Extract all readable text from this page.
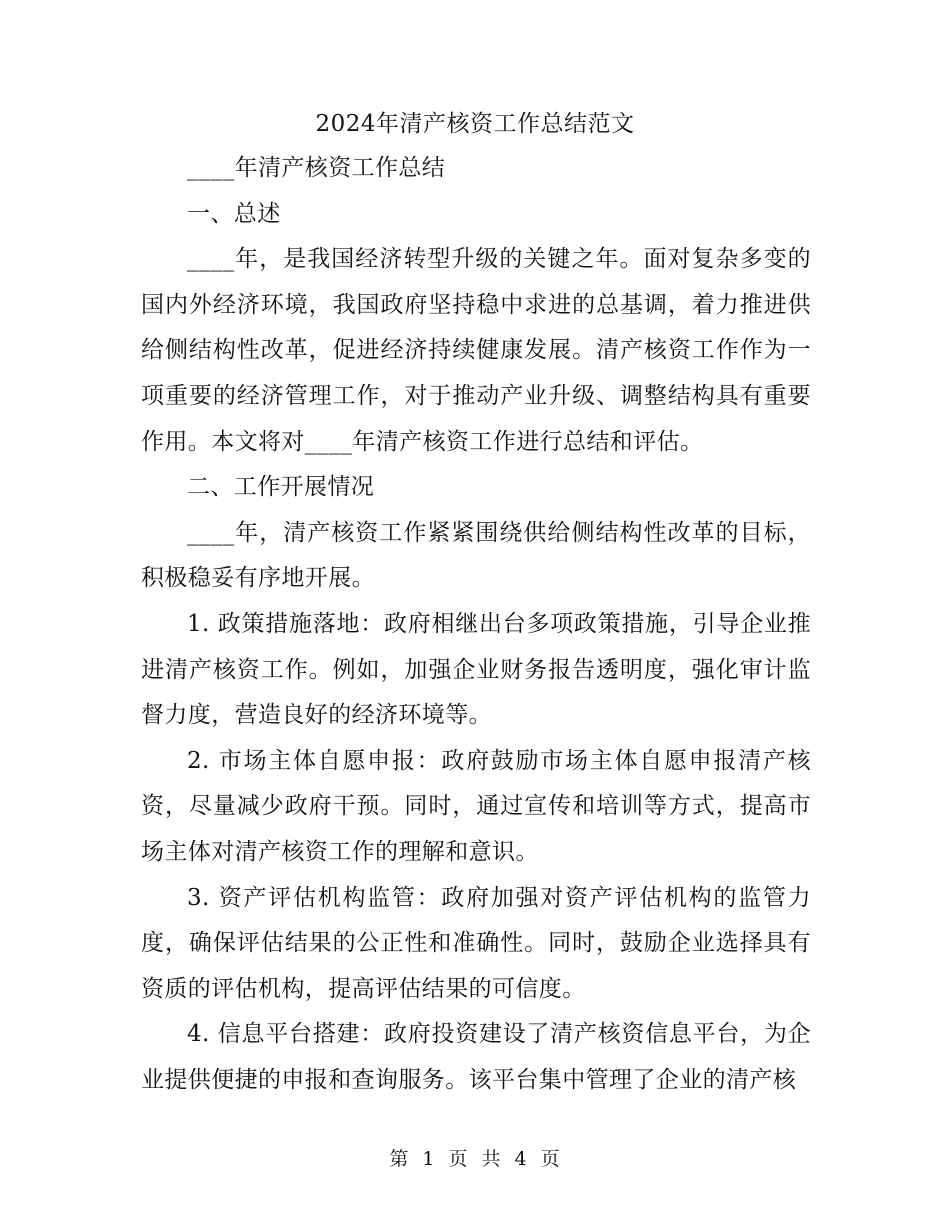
2024年清产核资工作总结范文

____年清产核资工作总结

一、总述

____年，是我国经济转型升级的关键之年。面对复杂多变的国内外经济环境，我国政府坚持稳中求进的总基调，着力推进供给侧结构性改革，促进经济持续健康发展。清产核资工作作为一项重要的经济管理工作，对于推动产业升级、调整结构具有重要作用。本文将对____年清产核资工作进行总结和评估。

二、工作开展情况

____年，清产核资工作紧紧围绕供给侧结构性改革的目标，积极稳妥有序地开展。

1. 政策措施落地：政府相继出台多项政策措施，引导企业推进清产核资工作。例如，加强企业财务报告透明度，强化审计监督力度，营造良好的经济环境等。

2. 市场主体自愿申报：政府鼓励市场主体自愿申报清产核资，尽量减少政府干预。同时，通过宣传和培训等方式，提高市场主体对清产核资工作的理解和意识。

3. 资产评估机构监管：政府加强对资产评估机构的监管力度，确保评估结果的公正性和准确性。同时，鼓励企业选择具有资质的评估机构，提高评估结果的可信度。

4. 信息平台搭建：政府投资建设了清产核资信息平台，为企业提供便捷的申报和查询服务。该平台集中管理了企业的清产核

第 1 页 共 4 页
